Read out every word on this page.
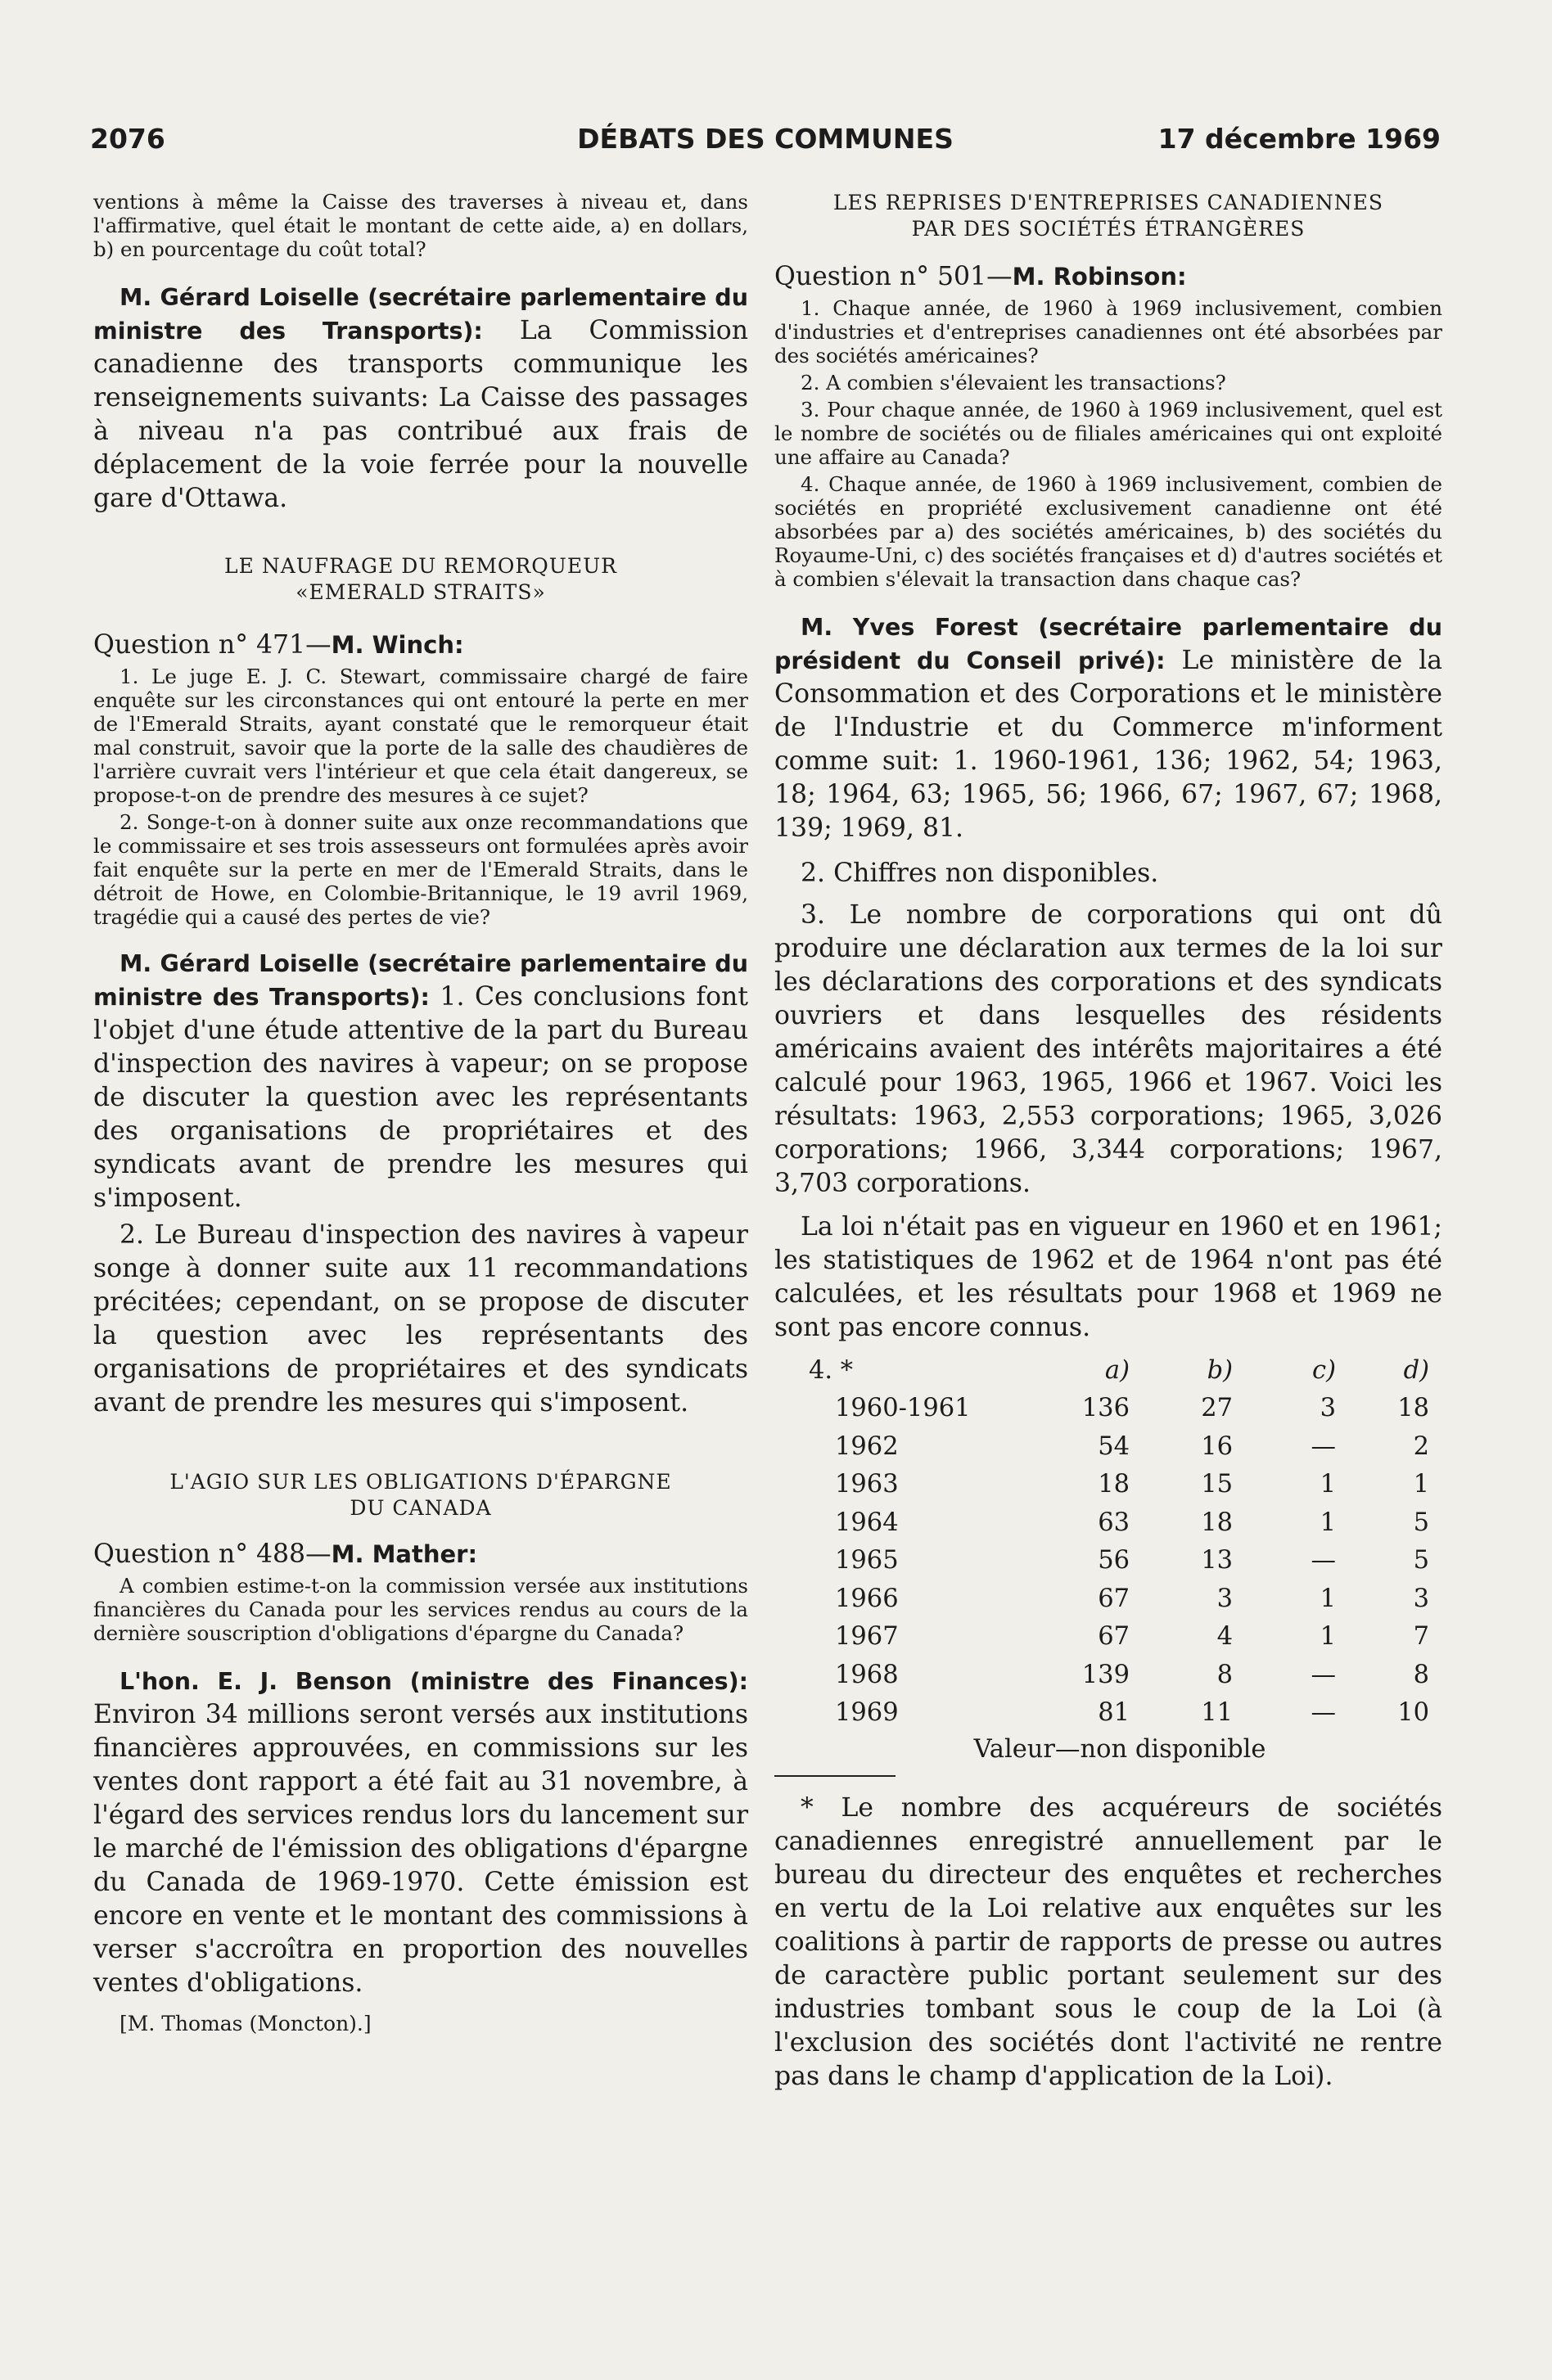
2076	DÉBATS DES COMMUNES	17 décembre 1969

ventions à même la Caisse des traverses à niveau et, dans l'affirmative, quel était le montant de cette aide, a) en dollars, b) en pourcentage du coût total?

M. Gérard Loiselle (secrétaire parlementaire du ministre des Transports): La Commission canadienne des transports communique les renseignements suivants: La Caisse des passages à niveau n'a pas contribué aux frais de déplacement de la voie ferrée pour la nouvelle gare d'Ottawa.

LE NAUFRAGE DU REMORQUEUR
«EMERALD STRAITS»

Question n° 471—M. Winch:

1. Le juge E. J. C. Stewart, commissaire chargé de faire enquête sur les circonstances qui ont entouré la perte en mer de l'Emerald Straits, ayant constaté que le remorqueur était mal construit, savoir que la porte de la salle des chaudières de l'arrière cuvrait vers l'intérieur et que cela était dangereux, se propose-t-on de prendre des mesures à ce sujet?

2. Songe-t-on à donner suite aux onze recommandations que le commissaire et ses trois assesseurs ont formulées après avoir fait enquête sur la perte en mer de l'Emerald Straits, dans le détroit de Howe, en Colombie-Britannique, le 19 avril 1969, tragédie qui a causé des pertes de vie?

M. Gérard Loiselle (secrétaire parlementaire du ministre des Transports): 1. Ces conclusions font l'objet d'une étude attentive de la part du Bureau d'inspection des navires à vapeur; on se propose de discuter la question avec les représentants des organisations de propriétaires et des syndicats avant de prendre les mesures qui s'imposent.

2. Le Bureau d'inspection des navires à vapeur songe à donner suite aux 11 recommandations précitées; cependant, on se propose de discuter la question avec les représentants des organisations de propriétaires et des syndicats avant de prendre les mesures qui s'imposent.

L'AGIO SUR LES OBLIGATIONS D'ÉPARGNE
DU CANADA

Question n° 488—M. Mather:

A combien estime-t-on la commission versée aux institutions financières du Canada pour les services rendus au cours de la dernière souscription d'obligations d'épargne du Canada?

L'hon. E. J. Benson (ministre des Finances): Environ 34 millions seront versés aux institutions financières approuvées, en commissions sur les ventes dont rapport a été fait au 31 novembre, à l'égard des services rendus lors du lancement sur le marché de l'émission des obligations d'épargne du Canada de 1969-1970. Cette émission est encore en vente et le montant des commissions à verser s'accroîtra en proportion des nouvelles ventes d'obligations.

[M. Thomas (Moncton).]

LES REPRISES D'ENTREPRISES CANADIENNES
PAR DES SOCIÉTÉS ÉTRANGÈRES

Question n° 501—M. Robinson:

1. Chaque année, de 1960 à 1969 inclusivement, combien d'industries et d'entreprises canadiennes ont été absorbées par des sociétés américaines?

2. A combien s'élevaient les transactions?

3. Pour chaque année, de 1960 à 1969 inclusivement, quel est le nombre de sociétés ou de filiales américaines qui ont exploité une affaire au Canada?

4. Chaque année, de 1960 à 1969 inclusivement, combien de sociétés en propriété exclusivement canadienne ont été absorbées par a) des sociétés américaines, b) des sociétés du Royaume-Uni, c) des sociétés françaises et d) d'autres sociétés et à combien s'élevait la transaction dans chaque cas?

M. Yves Forest (secrétaire parlementaire du président du Conseil privé): Le ministère de la Consommation et des Corporations et le ministère de l'Industrie et du Commerce m'informent comme suit: 1. 1960-1961, 136; 1962, 54; 1963, 18; 1964, 63; 1965, 56; 1966, 67; 1967, 67; 1968, 139; 1969, 81.

2. Chiffres non disponibles.

3. Le nombre de corporations qui ont dû produire une déclaration aux termes de la loi sur les déclarations des corporations et des syndicats ouvriers et dans lesquelles des résidents américains avaient des intérêts majoritaires a été calculé pour 1963, 1965, 1966 et 1967. Voici les résultats: 1963, 2,553 corporations; 1965, 3,026 corporations; 1966, 3,344 corporations; 1967, 3,703 corporations.

La loi n'était pas en vigueur en 1960 et en 1961; les statistiques de 1962 et de 1964 n'ont pas été calculées, et les résultats pour 1968 et 1969 ne sont pas encore connus.

4. *	a)	b)	c)	d)
1960-1961	136	27	3	18
1962	54	16	—	2
1963	18	15	1	1
1964	63	18	1	5
1965	56	13	—	5
1966	67	3	1	3
1967	67	4	1	7
1968	139	8	—	8
1969	81	11	—	10
Valeur—non disponible

* Le nombre des acquéreurs de sociétés canadiennes enregistré annuellement par le bureau du directeur des enquêtes et recherches en vertu de la Loi relative aux enquêtes sur les coalitions à partir de rapports de presse ou autres de caractère public portant seulement sur des industries tombant sous le coup de la Loi (à l'exclusion des sociétés dont l'activité ne rentre pas dans le champ d'application de la Loi).
